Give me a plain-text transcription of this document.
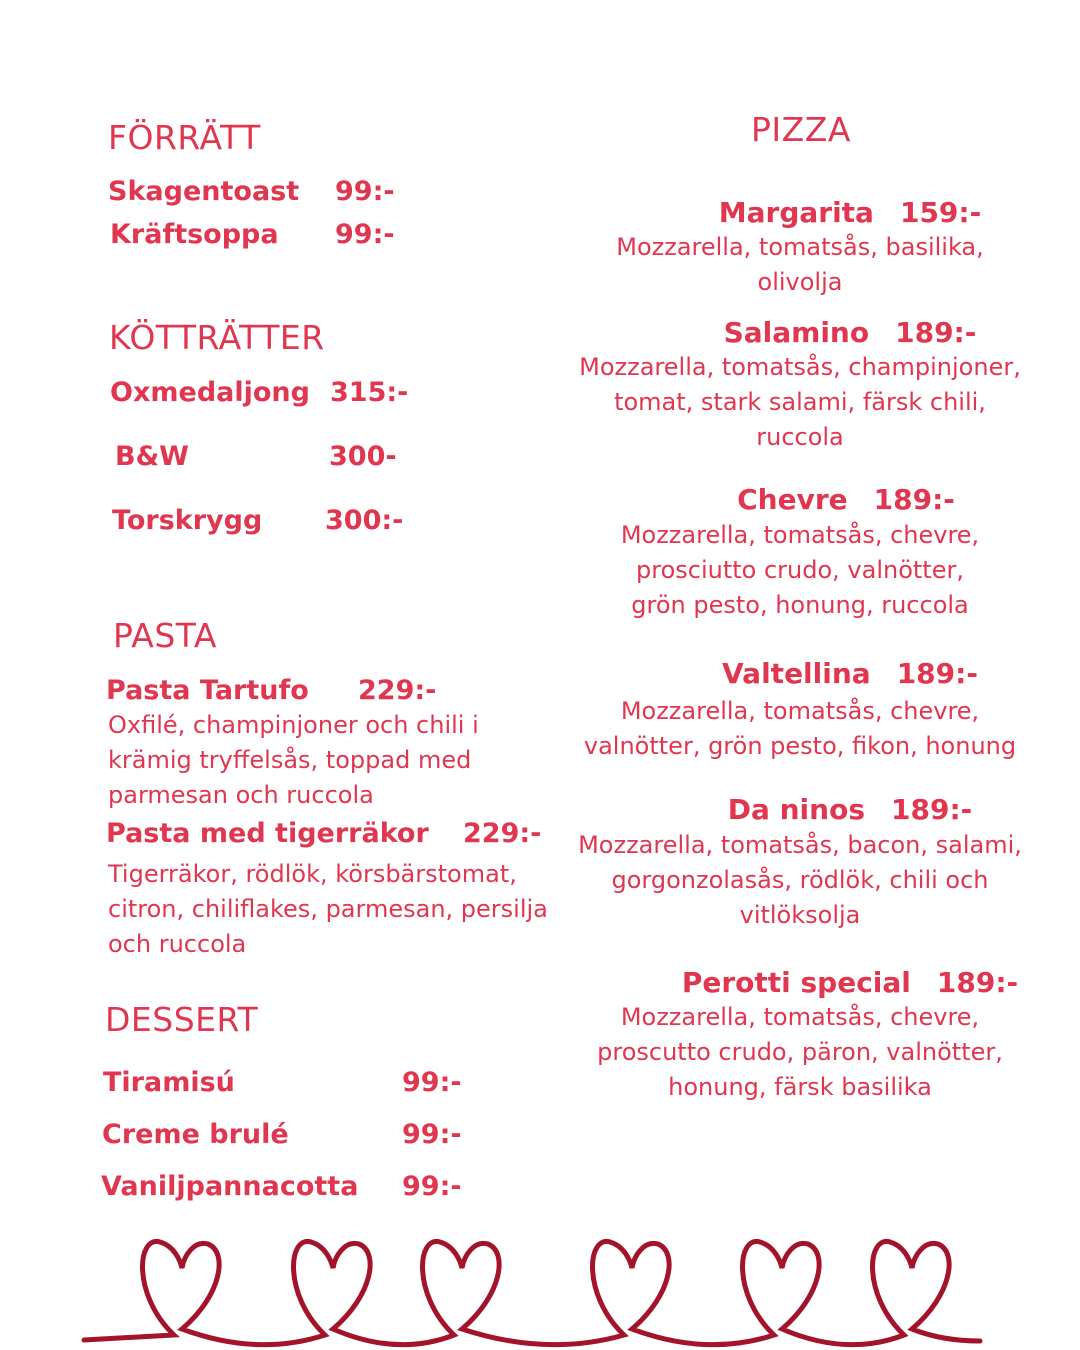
FÖRRÄTT
Skagentoast 99:-
Kräftsoppa 99:-
KÖTTRÄTTER
Oxmedaljong 315:-
B&W	300-
Torskrygg 300:-
PASTA
Pasta Tartufo 229:-
Oxfilé, champinjoner och chili i
krämig tryffelsås, toppad med
parmesan och ruccola
Pasta med tigerräkor 229:-
Tigerräkor, rödlök, körsbärstomat,
citron, chiliflakes, parmesan, persilja
och ruccola
DESSERT
Tiramisú	99:-
Creme brulé	99:-
Vaniljpannacotta 99:-
PIZZA
Margarita 159:-
Mozzarella, tomatsås, basilika,
olivolja
Salamino 189:-
Mozzarella, tomatsås, champinjoner,
tomat, stark salami, färsk chili,
ruccola
Chevre 189:-
Mozzarella, tomatsås, chevre,
prosciutto crudo, valnötter,
grön pesto, honung, ruccola
Valtellina 189:-
Mozzarella, tomatsås, chevre,
valnötter, grön pesto, fikon, honung
Da ninos 189:-
Mozzarella, tomatsås, bacon, salami,
gorgonzolasås, rödlök, chili och
vitlöksolja
Perotti special 189:-
Mozzarella, tomatsås, chevre,
proscutto crudo, päron, valnötter,
honung, färsk basilika
